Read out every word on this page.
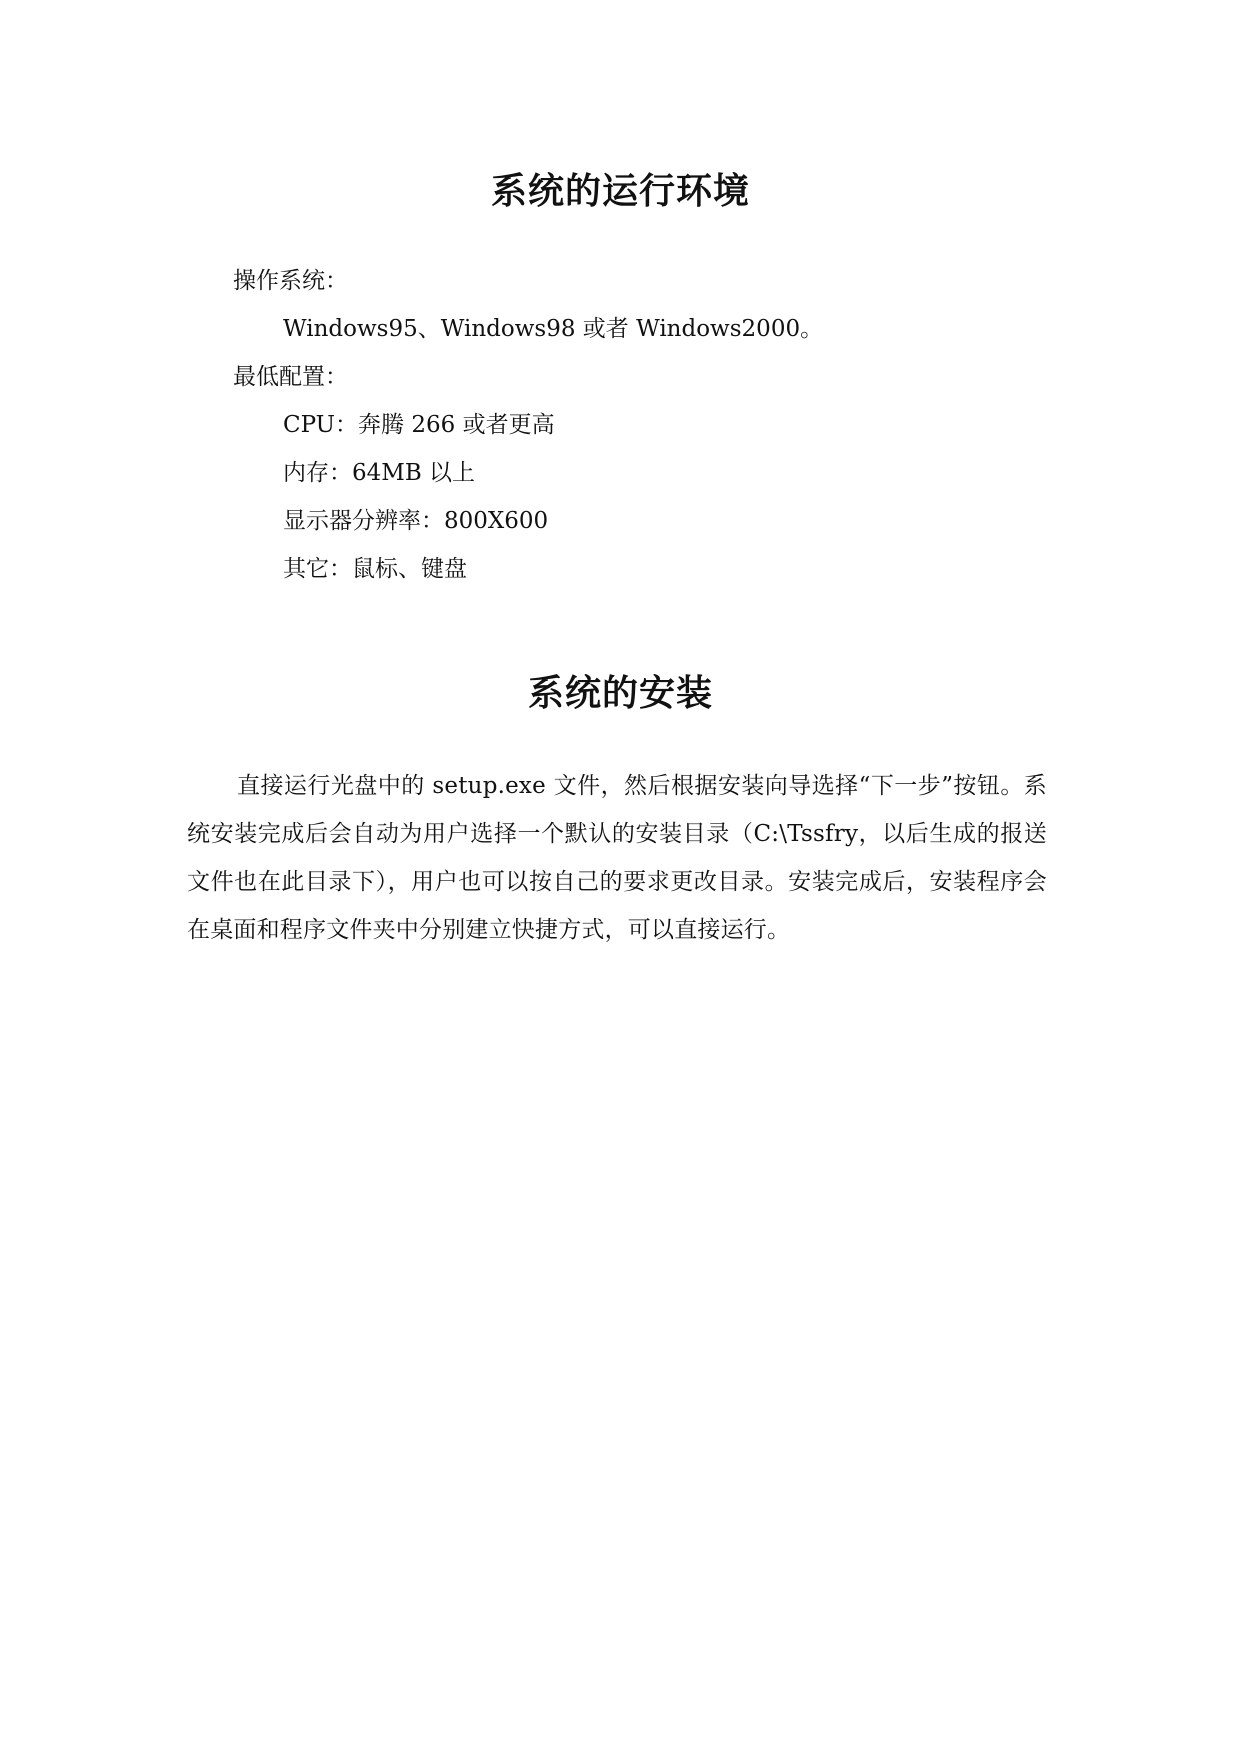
系统的运行环境
操作系统：
Windows95、Windows98 或者 Windows2000。
最低配置：
CPU：奔腾 266 或者更高
内存：64MB 以上
显示器分辨率：800X600
其它：鼠标、键盘
系统的安装

直接运行光盘中的 setup.exe 文件，然后根据安装向导选择“下一步”按钮。系统安装完成后会自动为用户选择一个默认的安装目录（C:\Tssfry，以后生成的报送文件也在此目录下），用户也可以按自己的要求更改目录。安装完成后，安装程序会在桌面和程序文件夹中分别建立快捷方式，可以直接运行。
